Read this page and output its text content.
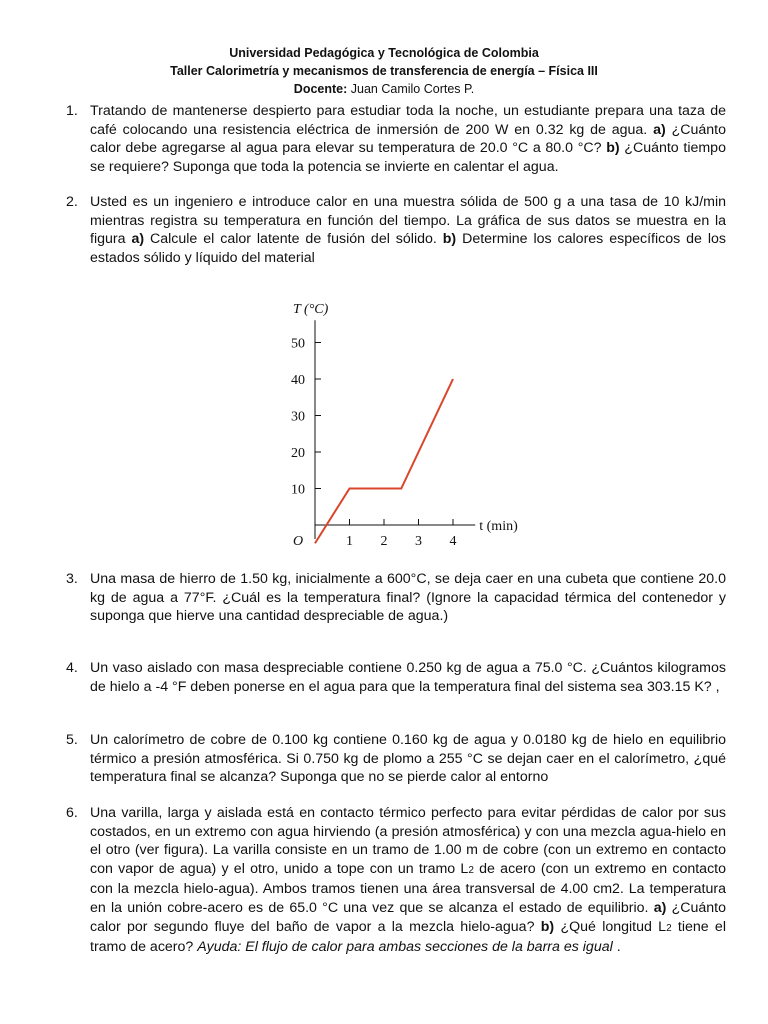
Universidad Pedagógica y Tecnológica de Colombia
Taller Calorimetría y mecanismos de transferencia de energía – Física III
Docente: Juan Camilo Cortes P.
1. Tratando de mantenerse despierto para estudiar toda la noche, un estudiante prepara una taza de café colocando una resistencia eléctrica de inmersión de 200 W en 0.32 kg de agua. a) ¿Cuánto calor debe agregarse al agua para elevar su temperatura de 20.0 °C a 80.0 °C? b) ¿Cuánto tiempo se requiere? Suponga que toda la potencia se invierte en calentar el agua.

2. Usted es un ingeniero e introduce calor en una muestra sólida de 500 g a una tasa de 10 kJ/min mientras registra su temperatura en función del tiempo. La gráfica de sus datos se muestra en la figura a) Calcule el calor latente de fusión del sólido. b) Determine los calores específicos de los estados sólido y líquido del material

10
20
30
40
50
1 2 3 4
T (°C)
t (min)
O
3. Una masa de hierro de 1.50 kg, inicialmente a 600°C, se deja caer en una cubeta que contiene 20.0 kg de agua a 77°F. ¿Cuál es la temperatura final? (Ignore la capacidad térmica del contenedor y suponga que hierve una cantidad despreciable de agua.)

4. Un vaso aislado con masa despreciable contiene 0.250 kg de agua a 75.0 °C. ¿Cuántos kilogramos de hielo a -4 °F deben ponerse en el agua para que la temperatura final del sistema sea 303.15 K? ,

5. Un calorímetro de cobre de 0.100 kg contiene 0.160 kg de agua y 0.0180 kg de hielo en equilibrio térmico a presión atmosférica. Si 0.750 kg de plomo a 255 °C se dejan caer en el calorímetro, ¿qué temperatura final se alcanza? Suponga que no se pierde calor al entorno

6. Una varilla, larga y aislada está en contacto térmico perfecto para evitar pérdidas de calor por sus costados, en un extremo con agua hirviendo (a presión atmosférica) y con una mezcla agua-hielo en el otro (ver figura). La varilla consiste en un tramo de 1.00 m de cobre (con un extremo en contacto con vapor de agua) y el otro, unido a tope con un tramo L2 de acero (con un extremo en contacto con la mezcla hielo-agua). Ambos tramos tienen una área transversal de 4.00 cm2. La temperatura en la unión cobre-acero es de 65.0 °C una vez que se alcanza el estado de equilibrio. a) ¿Cuánto calor por segundo fluye del baño de vapor a la mezcla hielo-agua? b) ¿Qué longitud L2 tiene el tramo de acero? Ayuda: El flujo de calor para ambas secciones de la barra es igual .
